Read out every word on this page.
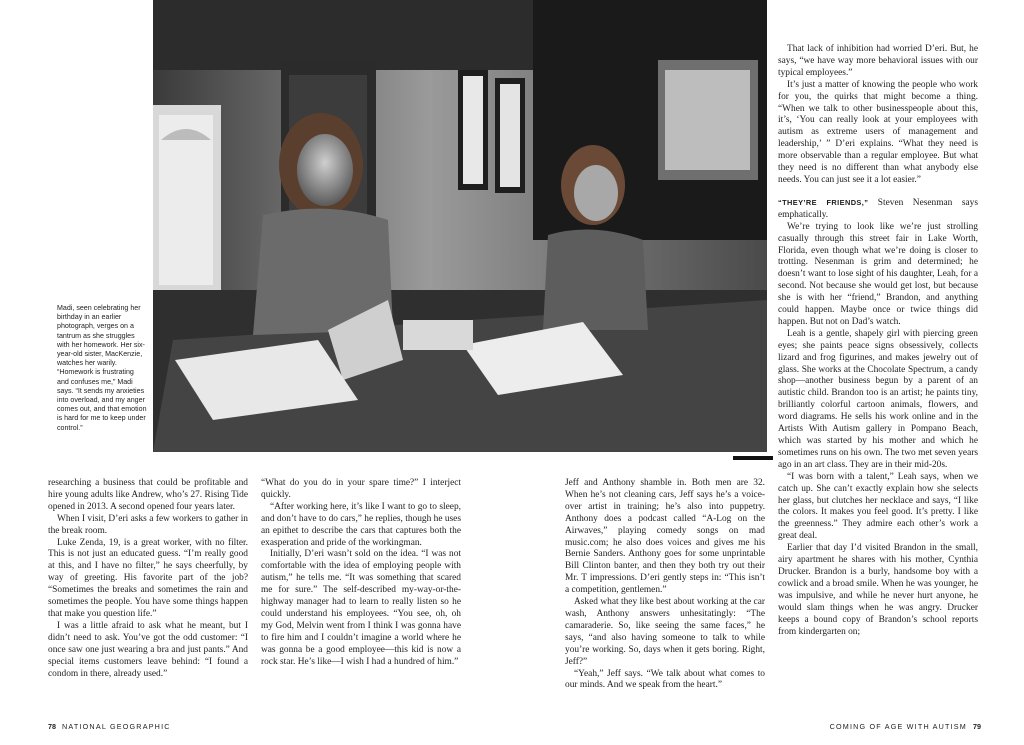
Madi, seen celebrating her birthday in an earlier photograph, verges on a tantrum as she struggles with her homework. Her six-year-old sister, MacKenzie, watches her warily. “Homework is frustrating and confuses me,” Madi says. “It sends my anxieties into overload, and my anger comes out, and that emotion is hard for me to keep under control.”

researching a business that could be profitable and hire young adults like Andrew, who’s 27. Rising Tide opened in 2013. A second opened four years later.

When I visit, D’eri asks a few workers to gather in the break room.

Luke Zenda, 19, is a great worker, with no filter. This is not just an educated guess. “I’m really good at this, and I have no filter,” he says cheerfully, by way of greeting. His favorite part of the job? “Sometimes the breaks and sometimes the rain and sometimes the people. You have some things happen that make you question life.”

I was a little afraid to ask what he meant, but I didn’t need to ask. You’ve got the odd customer: “I once saw one just wearing a bra and just pants.” And special items customers leave behind: “I found a condom in there, already used.”

“What do you do in your spare time?” I interject quickly.

“After working here, it’s like I want to go to sleep, and don’t have to do cars,” he replies, though he uses an epithet to describe the cars that captures both the exasperation and pride of the workingman.

Initially, D’eri wasn’t sold on the idea. “I was not comfortable with the idea of employing people with autism,” he tells me. “It was something that scared me for sure.” The self-described my-way-or-the-highway manager had to learn to really listen so he could understand his employees. “You see, oh, oh my God, Melvin went from I think I was gonna have to fire him and I couldn’t imagine a world where he was gonna be a good employee—this kid is now a rock star. He’s like—I wish I had a hundred of him.”

Jeff and Anthony shamble in. Both men are 32. When he’s not cleaning cars, Jeff says he’s a voice-over artist in training; he’s also into puppetry. Anthony does a podcast called “A-Log on the Airwaves,” playing comedy songs on mad music.com; he also does voices and gives me his Bernie Sanders. Anthony goes for some unprintable Bill Clinton banter, and then they both try out their Mr. T impressions. D’eri gently steps in: “This isn’t a competition, gentlemen.”

Asked what they like best about working at the car wash, Anthony answers unhesitatingly: “The camaraderie. So, like seeing the same faces,” he says, “and also having someone to talk to while you’re working. So, days when it gets boring. Right, Jeff?”

“Yeah,” Jeff says. “We talk about what comes to our minds. And we speak from the heart.”

That lack of inhibition had worried D’eri. But, he says, “we have way more behavioral issues with our typical employees.”

It’s just a matter of knowing the people who work for you, the quirks that might become a thing. “When we talk to other businesspeople about this, it’s, ‘You can really look at your employees with autism as extreme users of management and leadership,’ ” D’eri explains. “What they need is more observable than a regular employee. But what they need is no different than what anybody else needs. You can just see it a lot easier.”

“THEY’RE FRIENDS,” Steven Nesenman says emphatically.

We’re trying to look like we’re just strolling casually through this street fair in Lake Worth, Florida, even though what we’re doing is closer to trotting. Nesenman is grim and determined; he doesn’t want to lose sight of his daughter, Leah, for a second. Not because she would get lost, but because she is with her “friend,” Brandon, and anything could happen. Maybe once or twice things did happen. But not on Dad’s watch.

Leah is a gentle, shapely girl with piercing green eyes; she paints peace signs obsessively, collects lizard and frog figurines, and makes jewelry out of glass. She works at the Chocolate Spectrum, a candy shop—another business begun by a parent of an autistic child. Brandon too is an artist; he paints tiny, brilliantly colorful cartoon animals, flowers, and word diagrams. He sells his work online and in the Artists With Autism gallery in Pompano Beach, which was started by his mother and which he sometimes runs on his own. The two met seven years ago in an art class. They are in their mid-20s.

“I was born with a talent,” Leah says, when we catch up. She can’t exactly explain how she selects her glass, but clutches her necklace and says, “I like the colors. It makes you feel good. It’s pretty. I like the greenness.” They admire each other’s work a great deal.

Earlier that day I’d visited Brandon in the small, airy apartment he shares with his mother, Cynthia Drucker. Brandon is a burly, handsome boy with a cowlick and a broad smile. When he was younger, he was impulsive, and while he never hurt anyone, he would slam things when he was angry. Drucker keeps a bound copy of Brandon’s school reports from kindergarten on;

78 NATIONAL GEOGRAPHIC	COMING OF AGE WITH AUTISM 79
